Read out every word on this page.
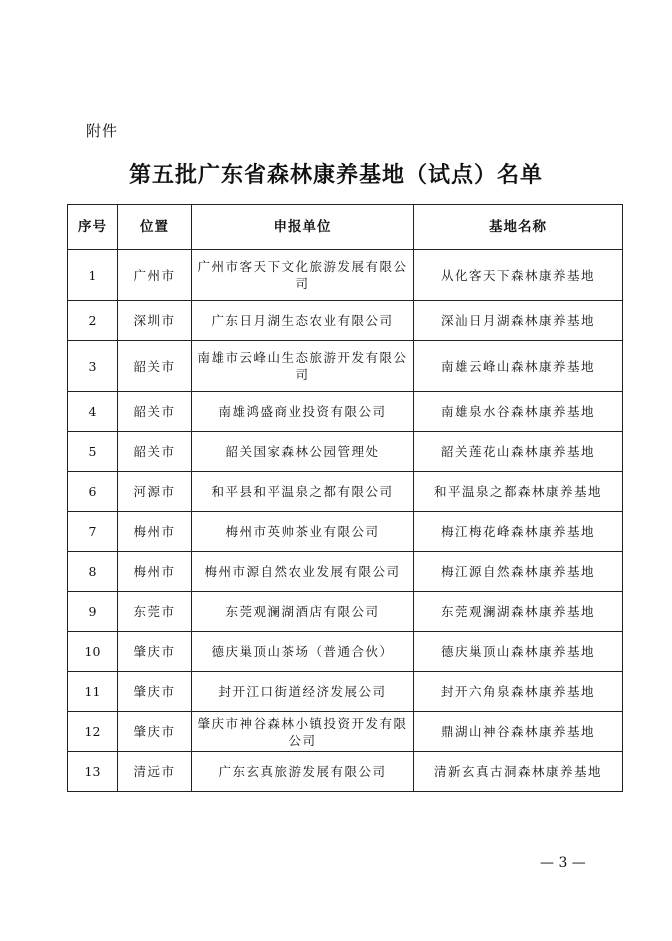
附件
第五批广东省森林康养基地（试点）名单
序号	位置	申报单位	基地名称
1	广州市	广州市客天下文化旅游发展有限公司	从化客天下森林康养基地
2	深圳市	广东日月湖生态农业有限公司	深汕日月湖森林康养基地
3	韶关市	南雄市云峰山生态旅游开发有限公司	南雄云峰山森林康养基地
4	韶关市	南雄鸿盛商业投资有限公司	南雄泉水谷森林康养基地
5	韶关市	韶关国家森林公园管理处	韶关莲花山森林康养基地
6	河源市	和平县和平温泉之都有限公司	和平温泉之都森林康养基地
7	梅州市	梅州市英帅茶业有限公司	梅江梅花峰森林康养基地
8	梅州市	梅州市源自然农业发展有限公司	梅江源自然森林康养基地
9	东莞市	东莞观澜湖酒店有限公司	东莞观澜湖森林康养基地
10	肇庆市	德庆巢顶山茶场（普通合伙）	德庆巢顶山森林康养基地
11	肇庆市	封开江口街道经济发展公司	封开六角泉森林康养基地
12	肇庆市	肇庆市神谷森林小镇投资开发有限公司	鼎湖山神谷森林康养基地
13	清远市	广东玄真旅游发展有限公司	清新玄真古洞森林康养基地
— 3 —
